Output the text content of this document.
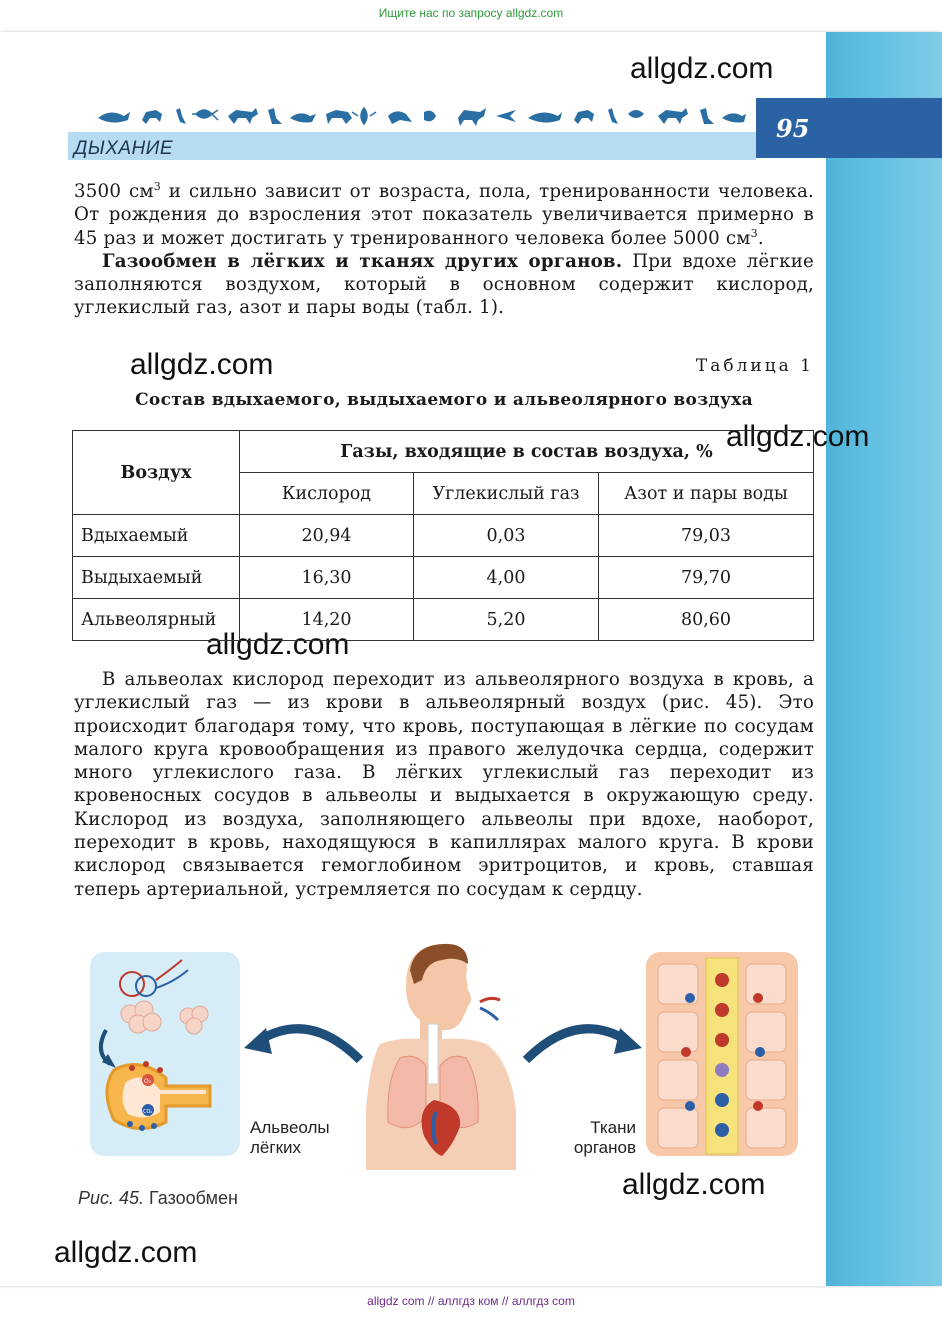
Ищите нас по запросу allgdz.com
95
ДЫХАНИЕ
allgdz.com
allgdz.com
allgdz.com
allgdz.com
allgdz.com
allgdz.com

3500 $см^3$ и сильно зависит от возраста, пола, тренированности человека. От рождения до взросления этот показатель увеличивается примерно в 45 раз и может достигать у тренированного человека более 5000 $см^3$.

Газообмен в лёгких и тканях других органов. При вдохе лёгкие заполняются воздухом, который в основном содержит кислород, углекислый газ, азот и пары воды (табл. 1).

Таблица 1
Состав вдыхаемого, выдыхаемого и альвеолярного воздуха
Воздух	Газы, входящие в состав воздуха, %		
	Кислород	Углекислый газ	Азот и пары воды
Вдыхаемый	20,94	0,03	79,03
Выдыхаемый	16,30	4,00	79,70
Альвеолярный	14,20	5,20	80,60
В альвеолах кислород переходит из альвеолярного воздуха в кровь, а углекислый газ — из крови в альвеолярный воздух (рис. 45). Это происходит благодаря тому, что кровь, поступающая в лёгкие по сосудам малого круга кровообращения из правого желудочка сердца, содержит много углекислого газа. В лёгких углекислый газ переходит из кровеносных сосудов в альвеолы и выдыхается в окружающую среду. Кислород из воздуха, заполняющего альвеолы при вдохе, наоборот, переходит в кровь, находящуюся в капиллярах малого круга. В крови кислород связывается гемоглобином эритроцитов, и кровь, ставшая теперь артериальной, устремляется по сосудам к сердцу.
O₂
CO₂
Альвеолы
лёгких
Ткани
органов
Рис. 45. Газообмен
allgdz com // аллгдз ком // аллгдз com
